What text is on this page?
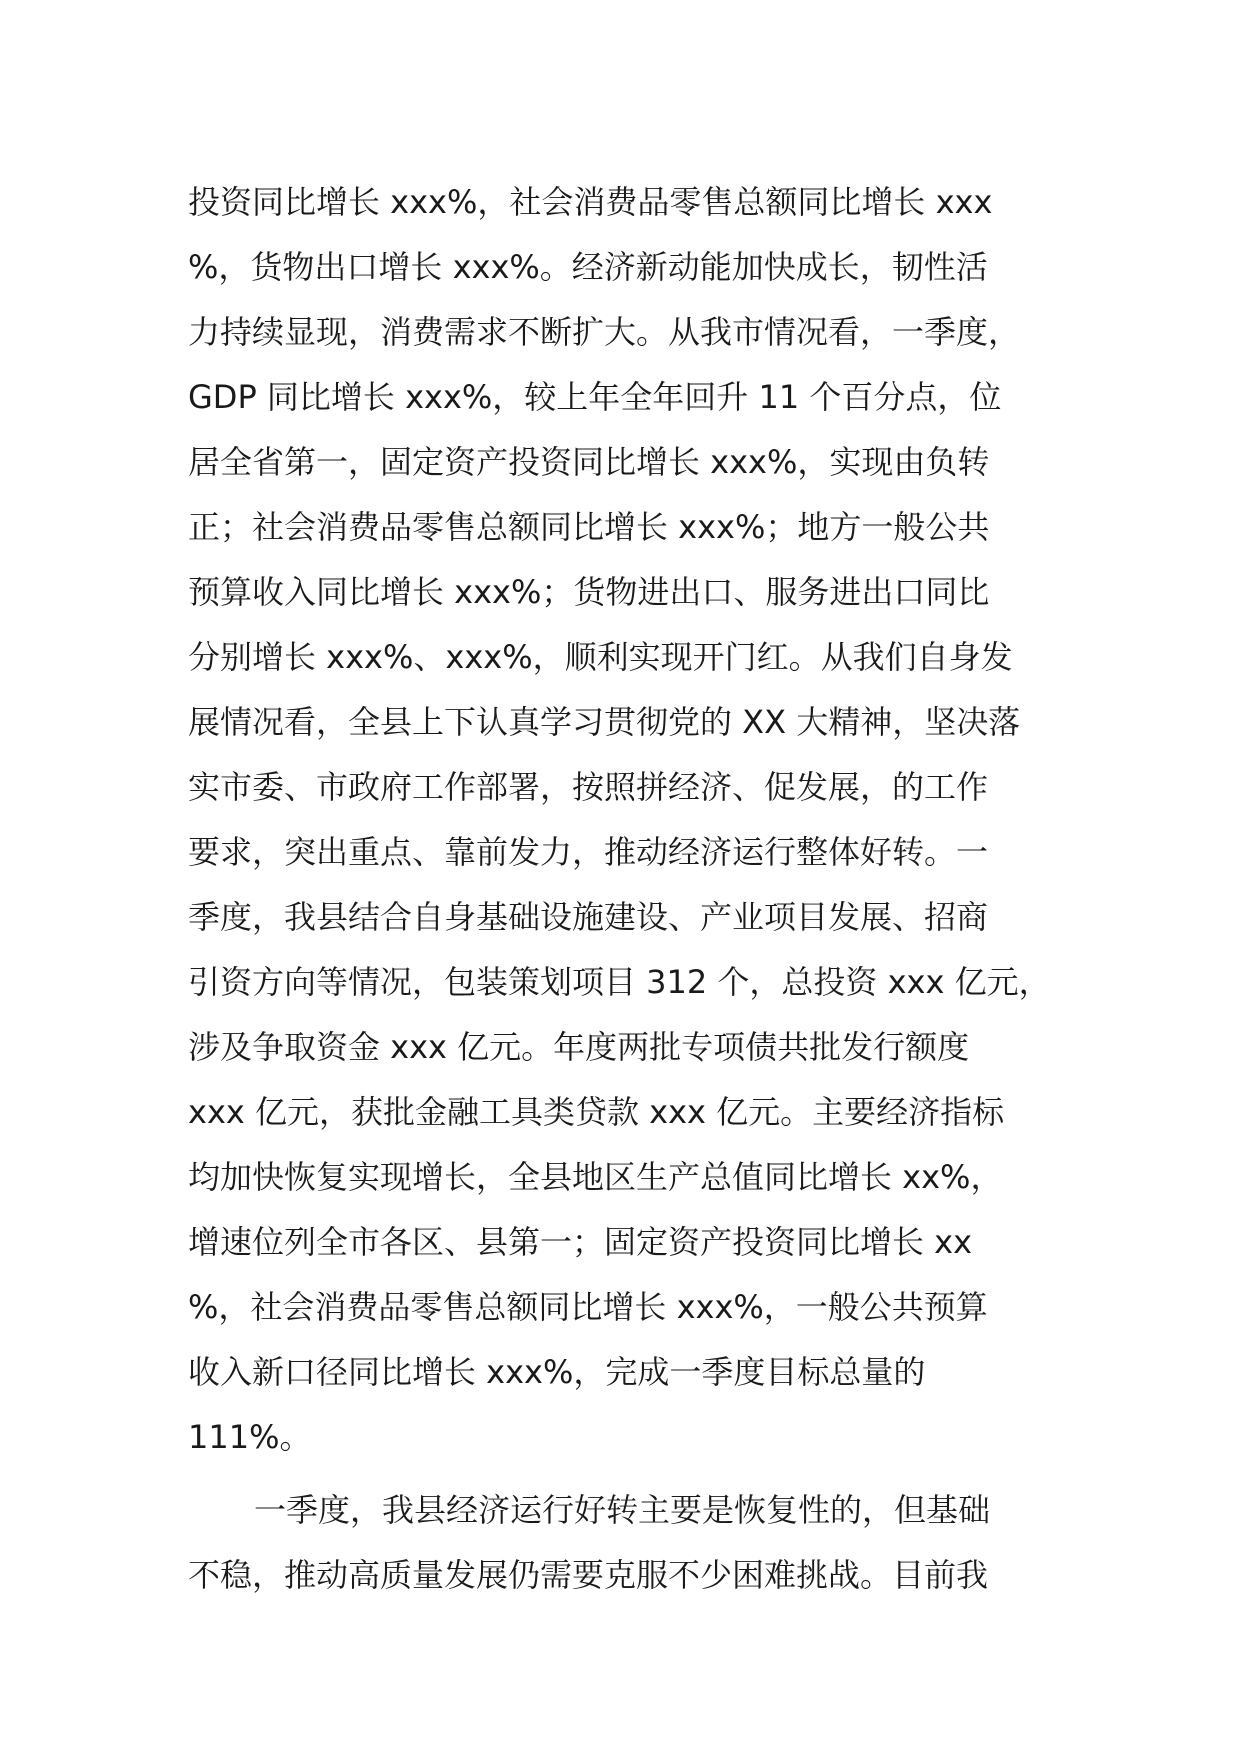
投资同比增长 xxx%，社会消费品零售总额同比增长 xxx
%，货物出口增长 xxx%。经济新动能加快成长，韧性活
力持续显现，消费需求不断扩大。从我市情况看，一季度，
GDP 同比增长 xxx%，较上年全年回升 11 个百分点，位
居全省第一，固定资产投资同比增长 xxx%，实现由负转
正；社会消费品零售总额同比增长 xxx%；地方一般公共
预算收入同比增长 xxx%；货物进出口、服务进出口同比
分别增长 xxx%、xxx%，顺利实现开门红。从我们自身发
展情况看，全县上下认真学习贯彻党的 XX 大精神，坚决落
实市委、市政府工作部署，按照拼经济、促发展，的工作
要求，突出重点、靠前发力，推动经济运行整体好转。一
季度，我县结合自身基础设施建设、产业项目发展、招商
引资方向等情况，包装策划项目 312 个，总投资 xxx 亿元，
涉及争取资金 xxx 亿元。年度两批专项债共批发行额度
xxx 亿元，获批金融工具类贷款 xxx 亿元。主要经济指标
均加快恢复实现增长，全县地区生产总值同比增长 xx%，
增速位列全市各区、县第一；固定资产投资同比增长 xx
%，社会消费品零售总额同比增长 xxx%，一般公共预算
收入新口径同比增长 xxx%，完成一季度目标总量的
111%。
一季度，我县经济运行好转主要是恢复性的，但基础
不稳，推动高质量发展仍需要克服不少困难挑战。目前我
